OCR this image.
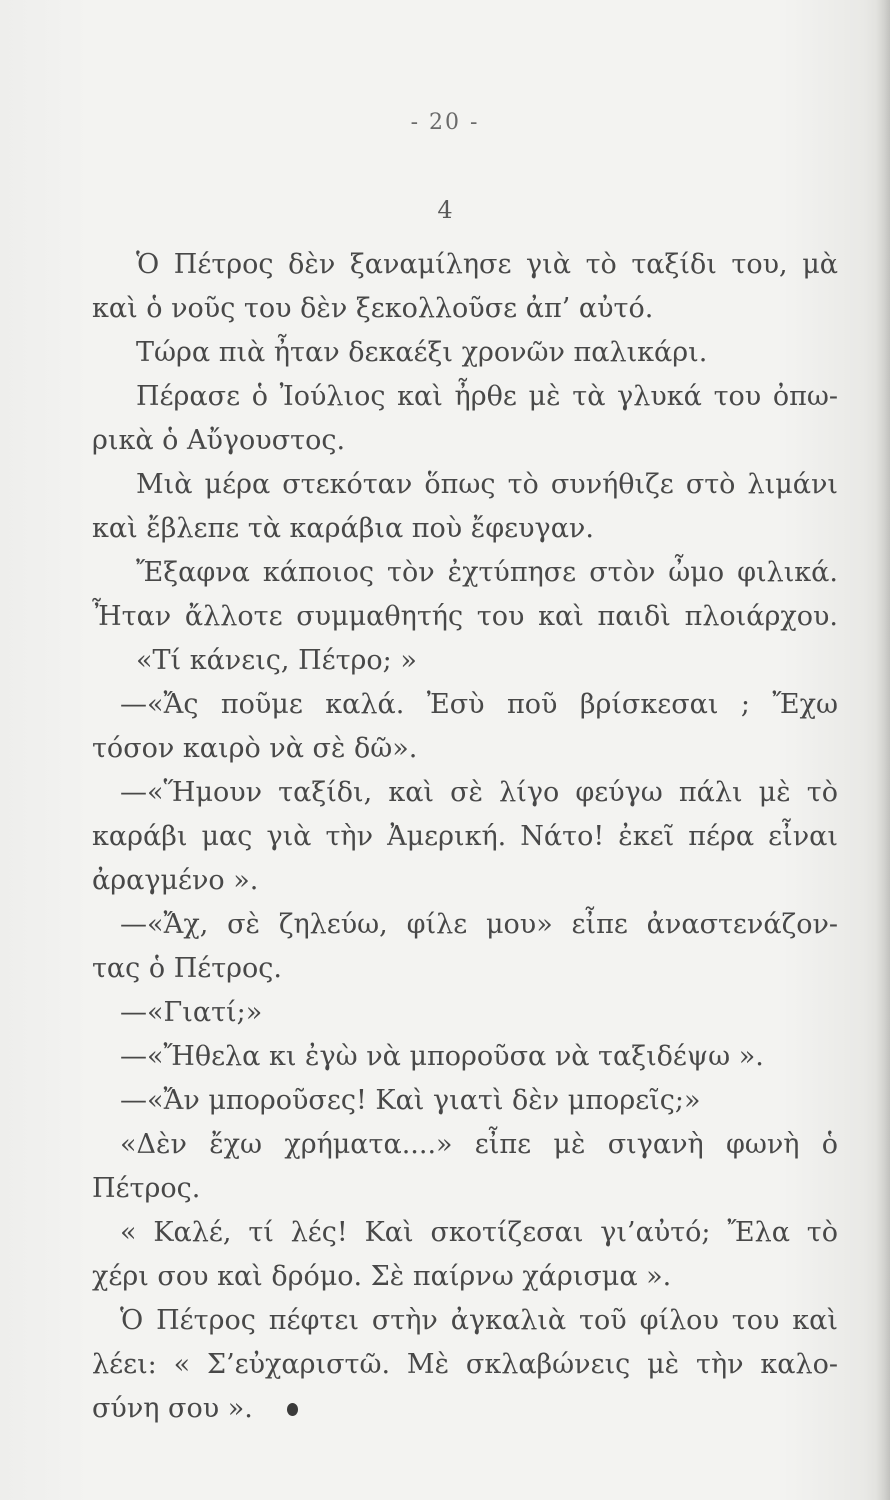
- 20 -
4
Ὁ Πέτρος δὲν ξαναμίλησε γιὰ τὸ ταξίδι του, μὰ
καὶ ὁ νοῦς του δὲν ξεκολλοῦσε ἀπ’ αὐτό.
Τώρα πιὰ ἦταν δεκαέξι χρονῶν παλικάρι.
Πέρασε ὁ Ἰούλιος καὶ ἦρθε μὲ τὰ γλυκά του ὀπω-
ρικὰ ὁ Αὔγουστος.
Μιὰ μέρα στεκόταν ὅπως τὸ συνήθιζε στὸ λιμάνι
καὶ ἔβλεπε τὰ καράβια ποὺ ἔφευγαν.
Ἔξαφνα κάποιος τὸν ἐχτύπησε στὸν ὦμο φιλικά.
Ἦταν ἄλλοτε συμμαθητής του καὶ παιδὶ πλοιάρχου.
«Τί κάνεις, Πέτρο; »
—«Ἄς ποῦμε καλά. Ἐσὺ ποῦ βρίσκεσαι ; Ἔχω
τόσον καιρὸ νὰ σὲ δῶ».
—«Ἥμουν ταξίδι, καὶ σὲ λίγο φεύγω πάλι μὲ τὸ
καράβι μας γιὰ τὴν Ἀμερική. Νάτο! ἐκεῖ πέρα εἶναι
ἀραγμένο ».
—«Ἄχ, σὲ ζηλεύω, φίλε μου» εἶπε ἀναστενάζον-
τας ὁ Πέτρος.
—«Γιατί;»
—«Ἤθελα κι ἐγὼ νὰ μποροῦσα νὰ ταξιδέψω ».
—«Ἄν μποροῦσες! Καὶ γιατὶ δὲν μπορεῖς;»
«Δὲν ἔχω χρήματα....» εἶπε μὲ σιγανὴ φωνὴ ὁ
Πέτρος.
« Καλέ, τί λές! Καὶ σκοτίζεσαι γι’αὐτό; Ἔλα τὸ
χέρι σου καὶ δρόμο. Σὲ παίρνω χάρισμα ».
Ὁ Πέτρος πέφτει στὴν ἀγκαλιὰ τοῦ φίλου του καὶ
λέει: « Σ’εὐχαριστῶ. Μὲ σκλαβώνεις μὲ τὴν καλο-
σύνη σου ».
